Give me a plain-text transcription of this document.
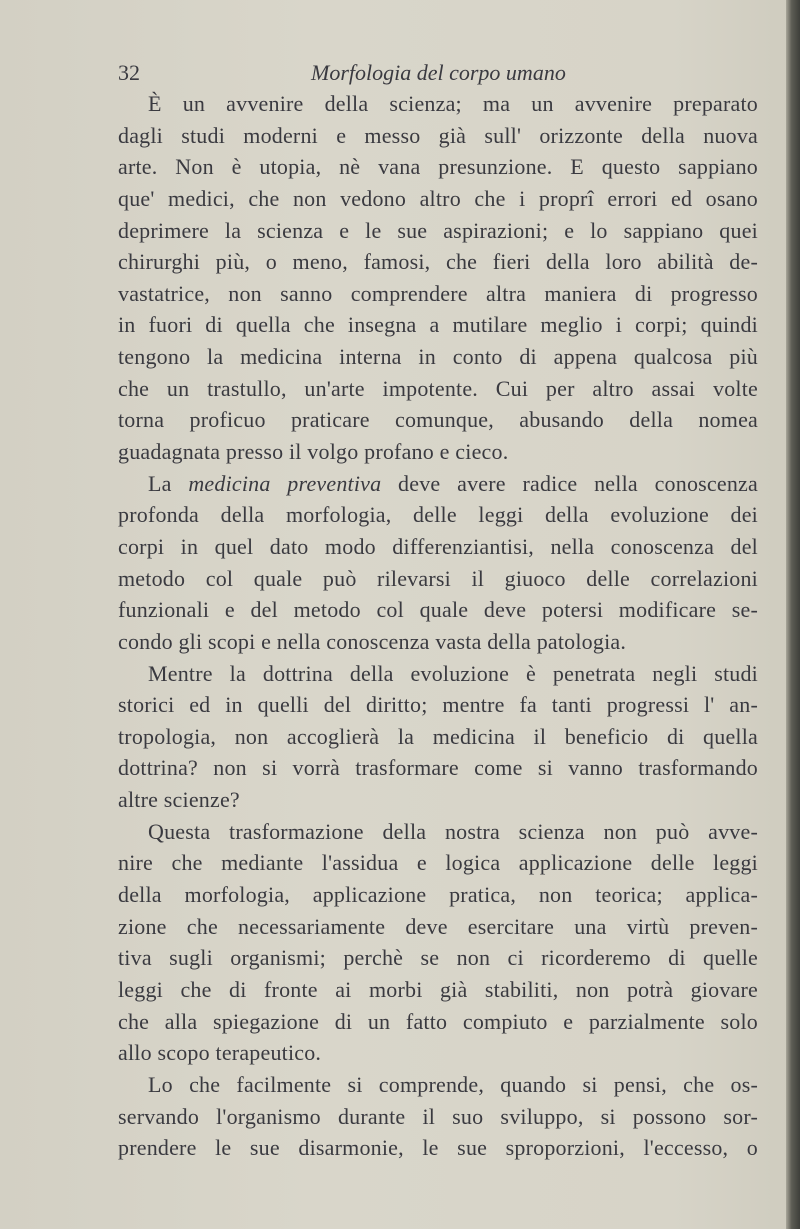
32	Morfologia del corpo umano
È un avvenire della scienza; ma un avvenire preparato
dagli studi moderni e messo già sull' orizzonte della nuova
arte. Non è utopia, nè vana presunzione. E questo sappiano
que' medici, che non vedono altro che i proprî errori ed osano
deprimere la scienza e le sue aspirazioni; e lo sappiano quei
chirurghi più, o meno, famosi, che fieri della loro abilità de-
vastatrice, non sanno comprendere altra maniera di progresso
in fuori di quella che insegna a mutilare meglio i corpi; quindi
tengono la medicina interna in conto di appena qualcosa più
che un trastullo, un'arte impotente. Cui per altro assai volte
torna proficuo praticare comunque, abusando della nomea
guadagnata presso il volgo profano e cieco.
La medicina preventiva deve avere radice nella conoscenza
profonda della morfologia, delle leggi della evoluzione dei
corpi in quel dato modo differenziantisi, nella conoscenza del
metodo col quale può rilevarsi il giuoco delle correlazioni
funzionali e del metodo col quale deve potersi modificare se-
condo gli scopi e nella conoscenza vasta della patologia.
Mentre la dottrina della evoluzione è penetrata negli studi
storici ed in quelli del diritto; mentre fa tanti progressi l' an-
tropologia, non accoglierà la medicina il beneficio di quella
dottrina? non si vorrà trasformare come si vanno trasformando
altre scienze?
Questa trasformazione della nostra scienza non può avve-
nire che mediante l'assidua e logica applicazione delle leggi
della morfologia, applicazione pratica, non teorica; applica-
zione che necessariamente deve esercitare una virtù preven-
tiva sugli organismi; perchè se non ci ricorderemo di quelle
leggi che di fronte ai morbi già stabiliti, non potrà giovare
che alla spiegazione di un fatto compiuto e parzialmente solo
allo scopo terapeutico.
Lo che facilmente si comprende, quando si pensi, che os-
servando l'organismo durante il suo sviluppo, si possono sor-
prendere le sue disarmonie, le sue sproporzioni, l'eccesso, o
